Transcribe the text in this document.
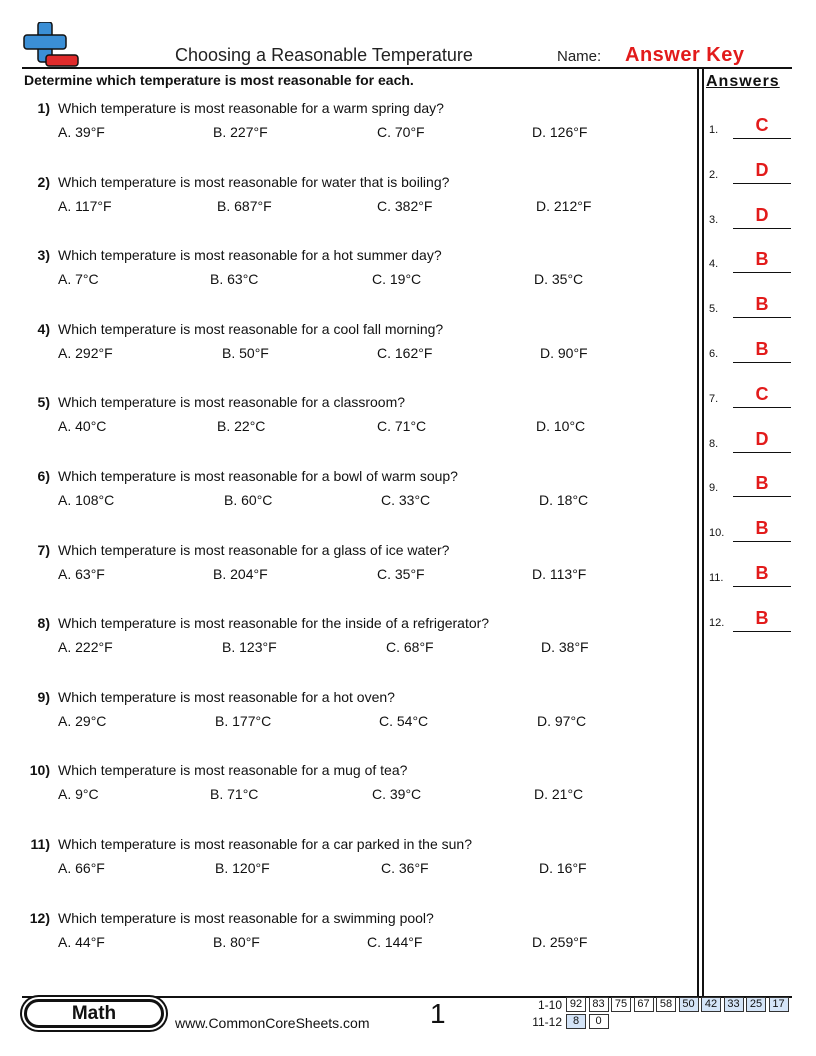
Choosing a Reasonable Temperature	Name: Answer Key
Determine which temperature is most reasonable for each.	Answers
1) Which temperature is most reasonable for a warm spring day?
A. 39°F	B. 227°F	C. 70°F	D. 126°F
2) Which temperature is most reasonable for water that is boiling?
A. 117°F	B. 687°F	C. 382°F	D. 212°F
3) Which temperature is most reasonable for a hot summer day?
A. 7°C	B. 63°C	C. 19°C	D. 35°C
4) Which temperature is most reasonable for a cool fall morning?
A. 292°F	B. 50°F	C. 162°F	D. 90°F
5) Which temperature is most reasonable for a classroom?
A. 40°C	B. 22°C	C. 71°C	D. 10°C
6) Which temperature is most reasonable for a bowl of warm soup?
A. 108°C	B. 60°C	C. 33°C	D. 18°C
7) Which temperature is most reasonable for a glass of ice water?
A. 63°F	B. 204°F	C. 35°F	D. 113°F
8) Which temperature is most reasonable for the inside of a refrigerator?
A. 222°F	B. 123°F	C. 68°F	D. 38°F
9) Which temperature is most reasonable for a hot oven?
A. 29°C	B. 177°C	C. 54°C	D. 97°C
10) Which temperature is most reasonable for a mug of tea?
A. 9°C	B. 71°C	C. 39°C	D. 21°C
11) Which temperature is most reasonable for a car parked in the sun?
A. 66°F	B. 120°F	C. 36°F	D. 16°F
12) Which temperature is most reasonable for a swimming pool?
A. 44°F	B. 80°F	C. 144°F	D. 259°F
1.	C
2.	D
3.	D
4.	B
5.	B
6.	B
7.	C
8.	D
9.	B
10.	B
11.	B
12.	B
Math	www.CommonCoreSheets.com 1	1-10 92 83 75 67 58 50 42 33 25 17
11-12 8	0
